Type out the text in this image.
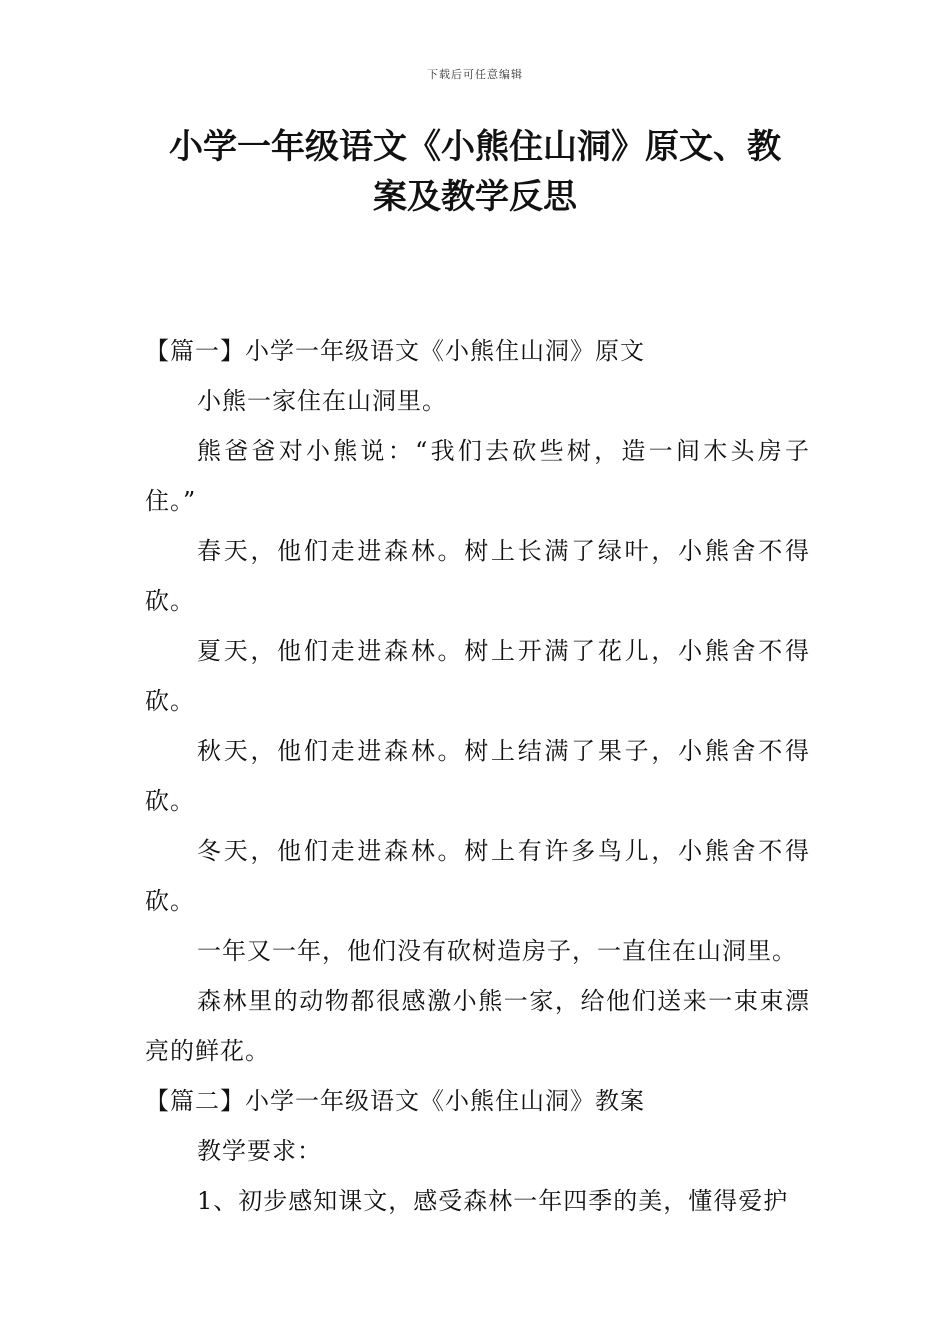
下载后可任意编辑
小学一年级语文《小熊住山洞》原文、教
案及教学反思

【篇一】小学一年级语文《小熊住山洞》原文

小熊一家住在山洞里。

熊爸爸对小熊说：“我们去砍些树，造一间木头房子住。”

春天，他们走进森林。树上长满了绿叶，小熊舍不得砍。

夏天，他们走进森林。树上开满了花儿，小熊舍不得砍。

秋天，他们走进森林。树上结满了果子，小熊舍不得砍。

冬天，他们走进森林。树上有许多鸟儿，小熊舍不得砍。

一年又一年，他们没有砍树造房子，一直住在山洞里。

森林里的动物都很感激小熊一家，给他们送来一束束漂亮的鲜花。

【篇二】小学一年级语文《小熊住山洞》教案

教学要求：

1、初步感知课文，感受森林一年四季的美，懂得爱护
